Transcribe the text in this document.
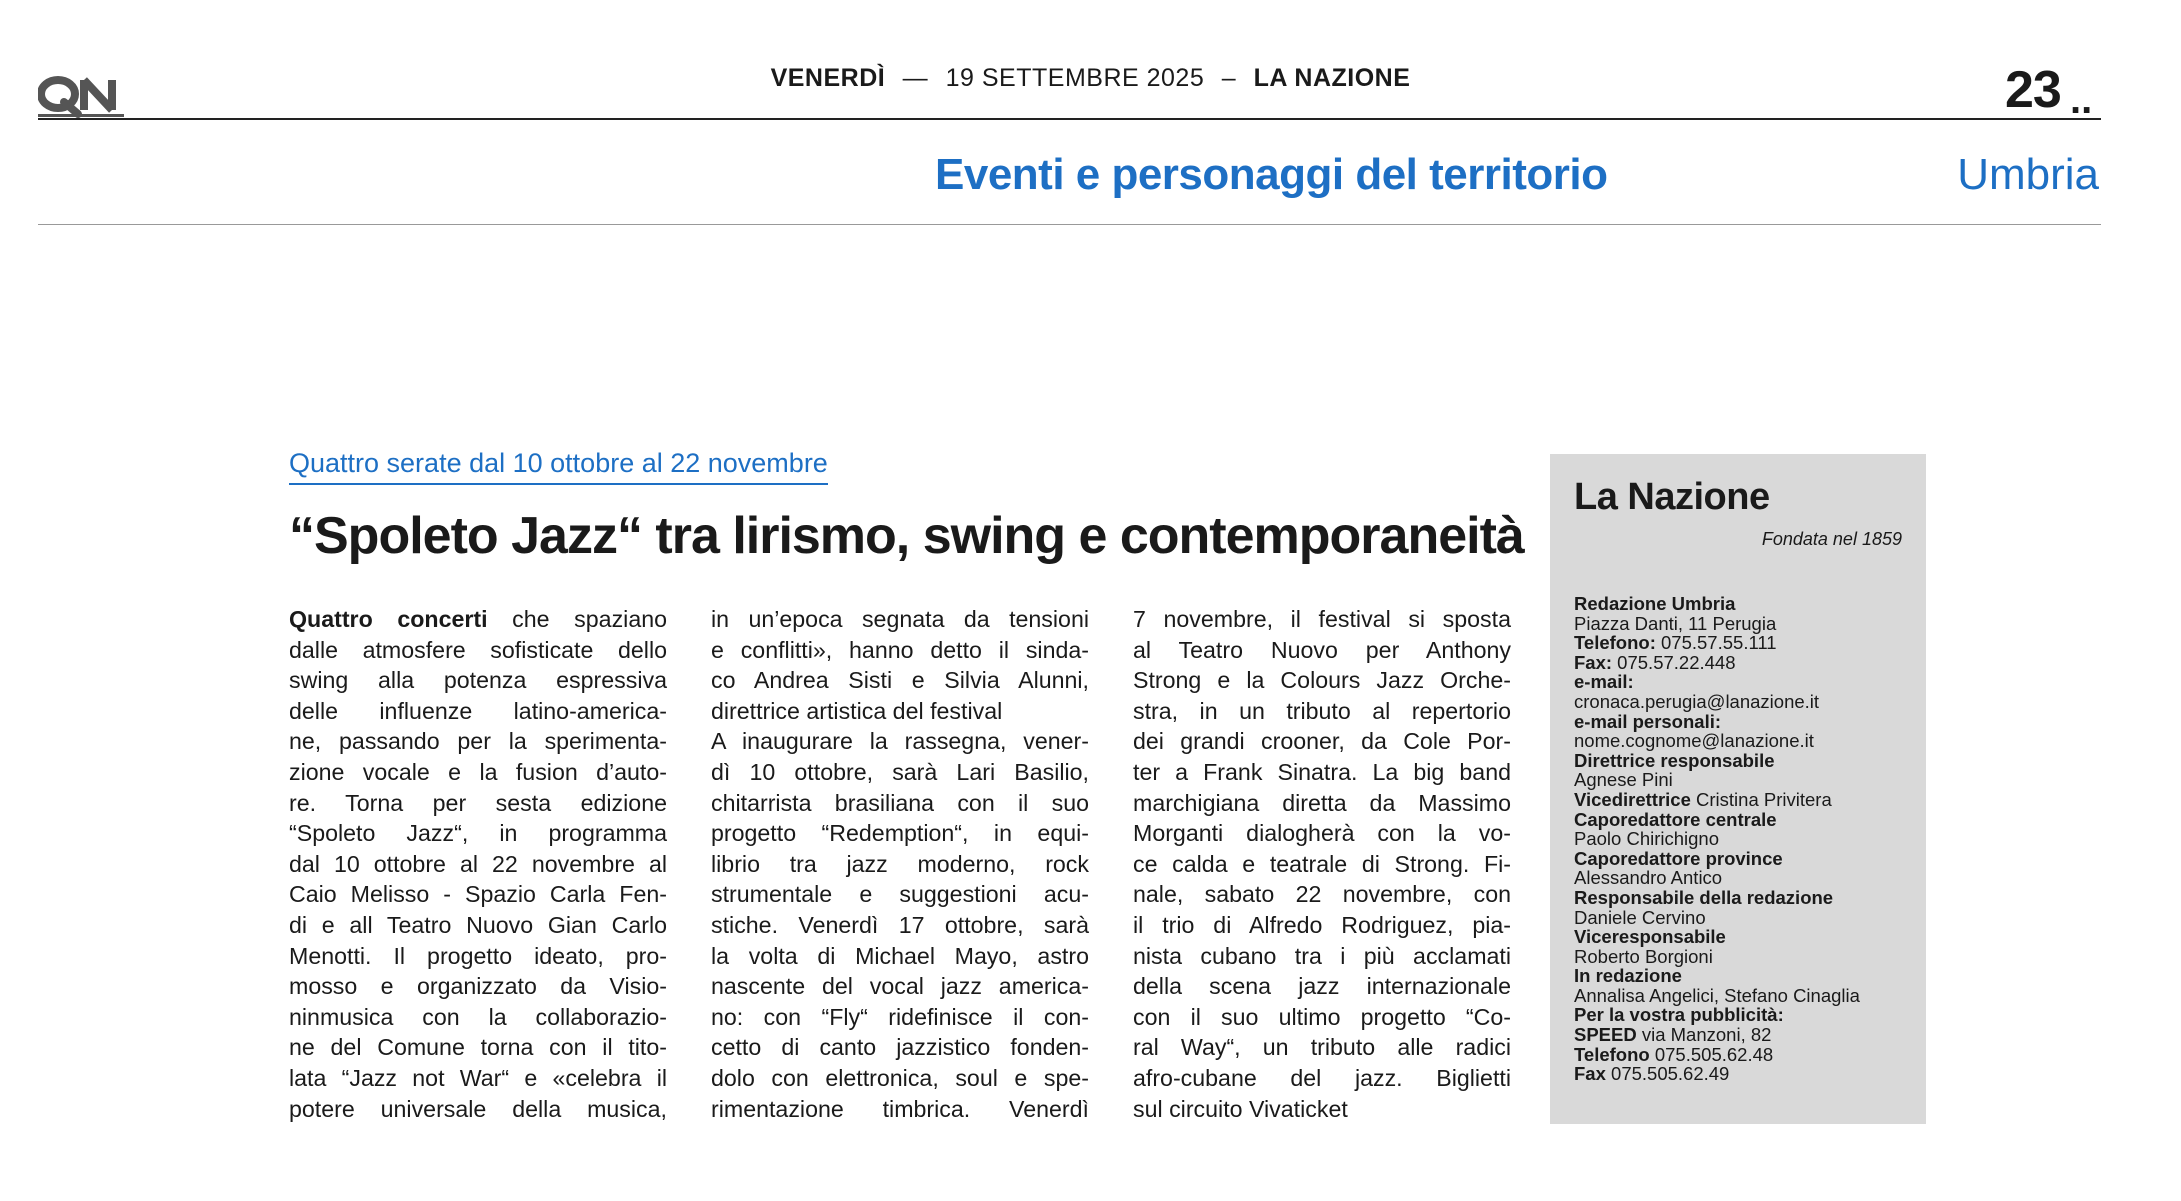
VENERDÌ — 19 SETTEMBRE 2025 – LA NAZIONE	23 ..
Eventi e personaggi del territorio	Umbria
Quattro serate dal 10 ottobre al 22 novembre
“Spoleto Jazz“ tra lirismo, swing e contemporaneità
Quattro concerti che spaziano
dalle atmosfere sofisticate dello
swing alla potenza espressiva
delle influenze latino-america-
ne, passando per la sperimenta-
zione vocale e la fusion d’auto-
re. Torna per sesta edizione
“Spoleto Jazz“, in programma
dal 10 ottobre al 22 novembre al
Caio Melisso - Spazio Carla Fen-
di e all Teatro Nuovo Gian Carlo
Menotti. Il progetto ideato, pro-
mosso e organizzato da Visio-
ninmusica con la collaborazio-
ne del Comune torna con il tito-
lata “Jazz not War“ e «celebra il
potere universale della musica,
in un’epoca segnata da tensioni
e conflitti», hanno detto il sinda-
co Andrea Sisti e Silvia Alunni,
direttrice artistica del festival
A inaugurare la rassegna, vener-
dì 10 ottobre, sarà Lari Basilio,
chitarrista brasiliana con il suo
progetto “Redemption“, in equi-
librio tra jazz moderno, rock
strumentale e suggestioni acu-
stiche. Venerdì 17 ottobre, sarà
la volta di Michael Mayo, astro
nascente del vocal jazz america-
no: con “Fly“ ridefinisce il con-
cetto di canto jazzistico fonden-
dolo con elettronica, soul e spe-
rimentazione timbrica. Venerdì
7 novembre, il festival si sposta
al Teatro Nuovo per Anthony
Strong e la Colours Jazz Orche-
stra, in un tributo al repertorio
dei grandi crooner, da Cole Por-
ter a Frank Sinatra. La big band
marchigiana diretta da Massimo
Morganti dialogherà con la vo-
ce calda e teatrale di Strong. Fi-
nale, sabato 22 novembre, con
il trio di Alfredo Rodriguez, pia-
nista cubano tra i più acclamati
della scena jazz internazionale
con il suo ultimo progetto “Co-
ral Way“, un tributo alle radici
afro-cubane del jazz. Biglietti
sul circuito Vivaticket
La Nazione
Fondata nel 1859
Redazione Umbria
Piazza Danti, 11 Perugia
Telefono: 075.57.55.111
Fax: 075.57.22.448
e-mail:
cronaca.perugia@lanazione.it
e-mail personali:
nome.cognome@lanazione.it
Direttrice responsabile
Agnese Pini
Vicedirettrice Cristina Privitera
Caporedattore centrale
Paolo Chirichigno
Caporedattore province
Alessandro Antico
Responsabile della redazione
Daniele Cervino
Viceresponsabile
Roberto Borgioni
In redazione
Annalisa Angelici, Stefano Cinaglia
Per la vostra pubblicità:
SPEED via Manzoni, 82
Telefono 075.505.62.48
Fax 075.505.62.49
